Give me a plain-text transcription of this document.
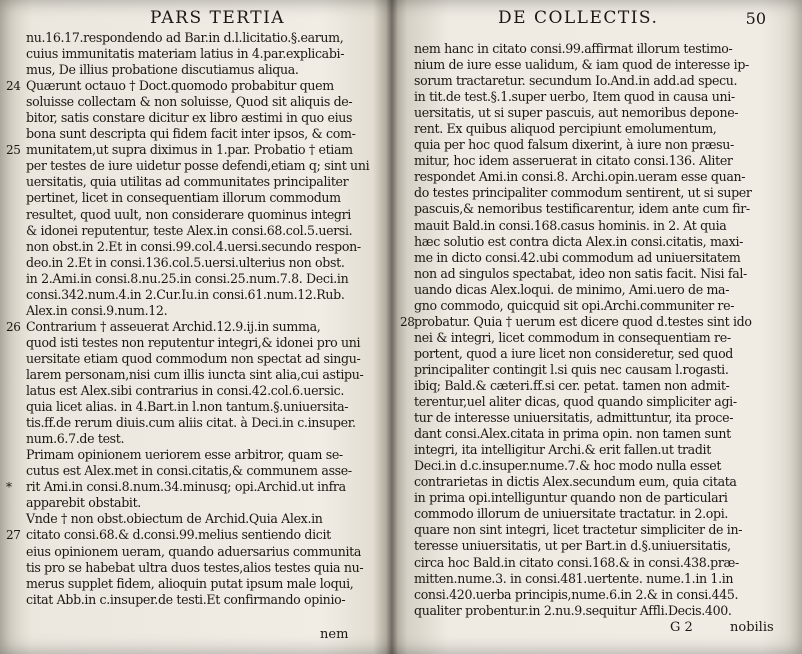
PARS TERTIA
24
25
26
*
27
nu.16.17.respondendo ad Bar.in d.l.licitatio.§.earum,
cuius immunitatis materiam latius in 4.par.explicabi-
mus, De illius probatione discutiamus aliqua.
Quærunt octauo † Doct.quomodo probabitur quem
soluisse collectam & non soluisse, Quod sit aliquis de-
bitor, satis constare dicitur ex libro æstimi in quo eius
bona sunt descripta qui fidem facit inter ipsos, & com-
munitatem,ut supra diximus in 1.par. Probatio † etiam
per testes de iure uidetur posse defendi,etiam q; sint uni
uersitatis, quia utilitas ad communitates principaliter
pertinet, licet in consequentiam illorum commodum
resultet, quod uult, non considerare quominus integri
& idonei reputentur, teste Alex.in consi.68.col.5.uersi.
non obst.in 2.Et in consi.99.col.4.uersi.secundo respon-
deo.in 2.Et in consi.136.col.5.uersi.ulterius non obst.
in 2.Ami.in consi.8.nu.25.in consi.25.num.7.8. Deci.in
consi.342.num.4.in 2.Cur.Iu.in consi.61.num.12.Rub.
Alex.in consi.9.num.12.
Contrarium † asseuerat Archid.12.9.ij.in summa,
quod isti testes non reputentur integri,& idonei pro uni
uersitate etiam quod commodum non spectat ad singu-
larem personam,nisi cum illis iuncta sint alia,cui astipu-
latus est Alex.sibi contrarius in consi.42.col.6.uersic.
quia licet alias. in 4.Bart.in l.non tantum.§.uniuersita-
tis.ff.de rerum diuis.cum aliis citat. à Deci.in c.insuper.
num.6.7.de test.
Primam opinionem ueriorem esse arbitror, quam se-
cutus est Alex.met in consi.citatis,& communem asse-
rit Ami.in consi.8.num.34.minusq; opi.Archid.ut infra
apparebit obstabit.
Vnde † non obst.obiectum de Archid.Quia Alex.in
citato consi.68.& d.consi.99.melius sentiendo dicit
eius opinionem ueram, quando aduersarius communita
tis pro se habebat ultra duos testes,alios testes quia nu-
merus supplet fidem, alioquin putat ipsum male loqui,
citat Abb.in c.insuper.de testi.Et confirmando opinio-
nem
DE COLLECTIS.	50
28
nem hanc in citato consi.99.affirmat illorum testimo-
nium de iure esse ualidum, & iam quod de interesse ip-
sorum tractaretur. secundum Io.And.in add.ad specu.
in tit.de test.§.1.super uerbo, Item quod in causa uni-
uersitatis, ut si super pascuis, aut nemoribus depone-
rent. Ex quibus aliquod percipiunt emolumentum,
quia per hoc quod falsum dixerint, à iure non præsu-
mitur, hoc idem asseruerat in citato consi.136. Aliter
respondet Ami.in consi.8. Archi.opin.ueram esse quan-
do testes principaliter commodum sentirent, ut si super
pascuis,& nemoribus testificarentur, idem ante cum fir-
mauit Bald.in consi.168.casus hominis. in 2. At quia
hæc solutio est contra dicta Alex.in consi.citatis, maxi-
me in dicto consi.42.ubi commodum ad uniuersitatem
non ad singulos spectabat, ideo non satis facit. Nisi fal-
uando dicas Alex.loqui. de minimo, Ami.uero de ma-
gno commodo, quicquid sit opi.Archi.communiter re-
probatur. Quia † uerum est dicere quod d.testes sint ido
nei & integri, licet commodum in consequentiam re-
portent, quod a iure licet non consideretur, sed quod
principaliter contingit l.si quis nec causam l.rogasti.
ibiq; Bald.& cæteri.ff.si cer. petat. tamen non admit-
terentur,uel aliter dicas, quod quando simpliciter agi-
tur de interesse uniuersitatis, admittuntur, ita proce-
dant consi.Alex.citata in prima opin. non tamen sunt
integri, ita intelligitur Archi.& erit fallen.ut tradit
Deci.in d.c.insuper.nume.7.& hoc modo nulla esset
contrarietas in dictis Alex.secundum eum, quia citata
in prima opi.intelliguntur quando non de particulari
commodo illorum de uniuersitate tractatur. in 2.opi.
quare non sint integri, licet tractetur simpliciter de in-
teresse uniuersitatis, ut per Bart.in d.§.uniuersitatis,
circa hoc Bald.in citato consi.168.& in consi.438.præ-
mitten.nume.3. in consi.481.uertente. nume.1.in 1.in
consi.420.uerba principis,nume.6.in 2.& in consi.445.
qualiter probentur.in 2.nu.9.sequitur Affli.Decis.400.
G 2	nobilis
